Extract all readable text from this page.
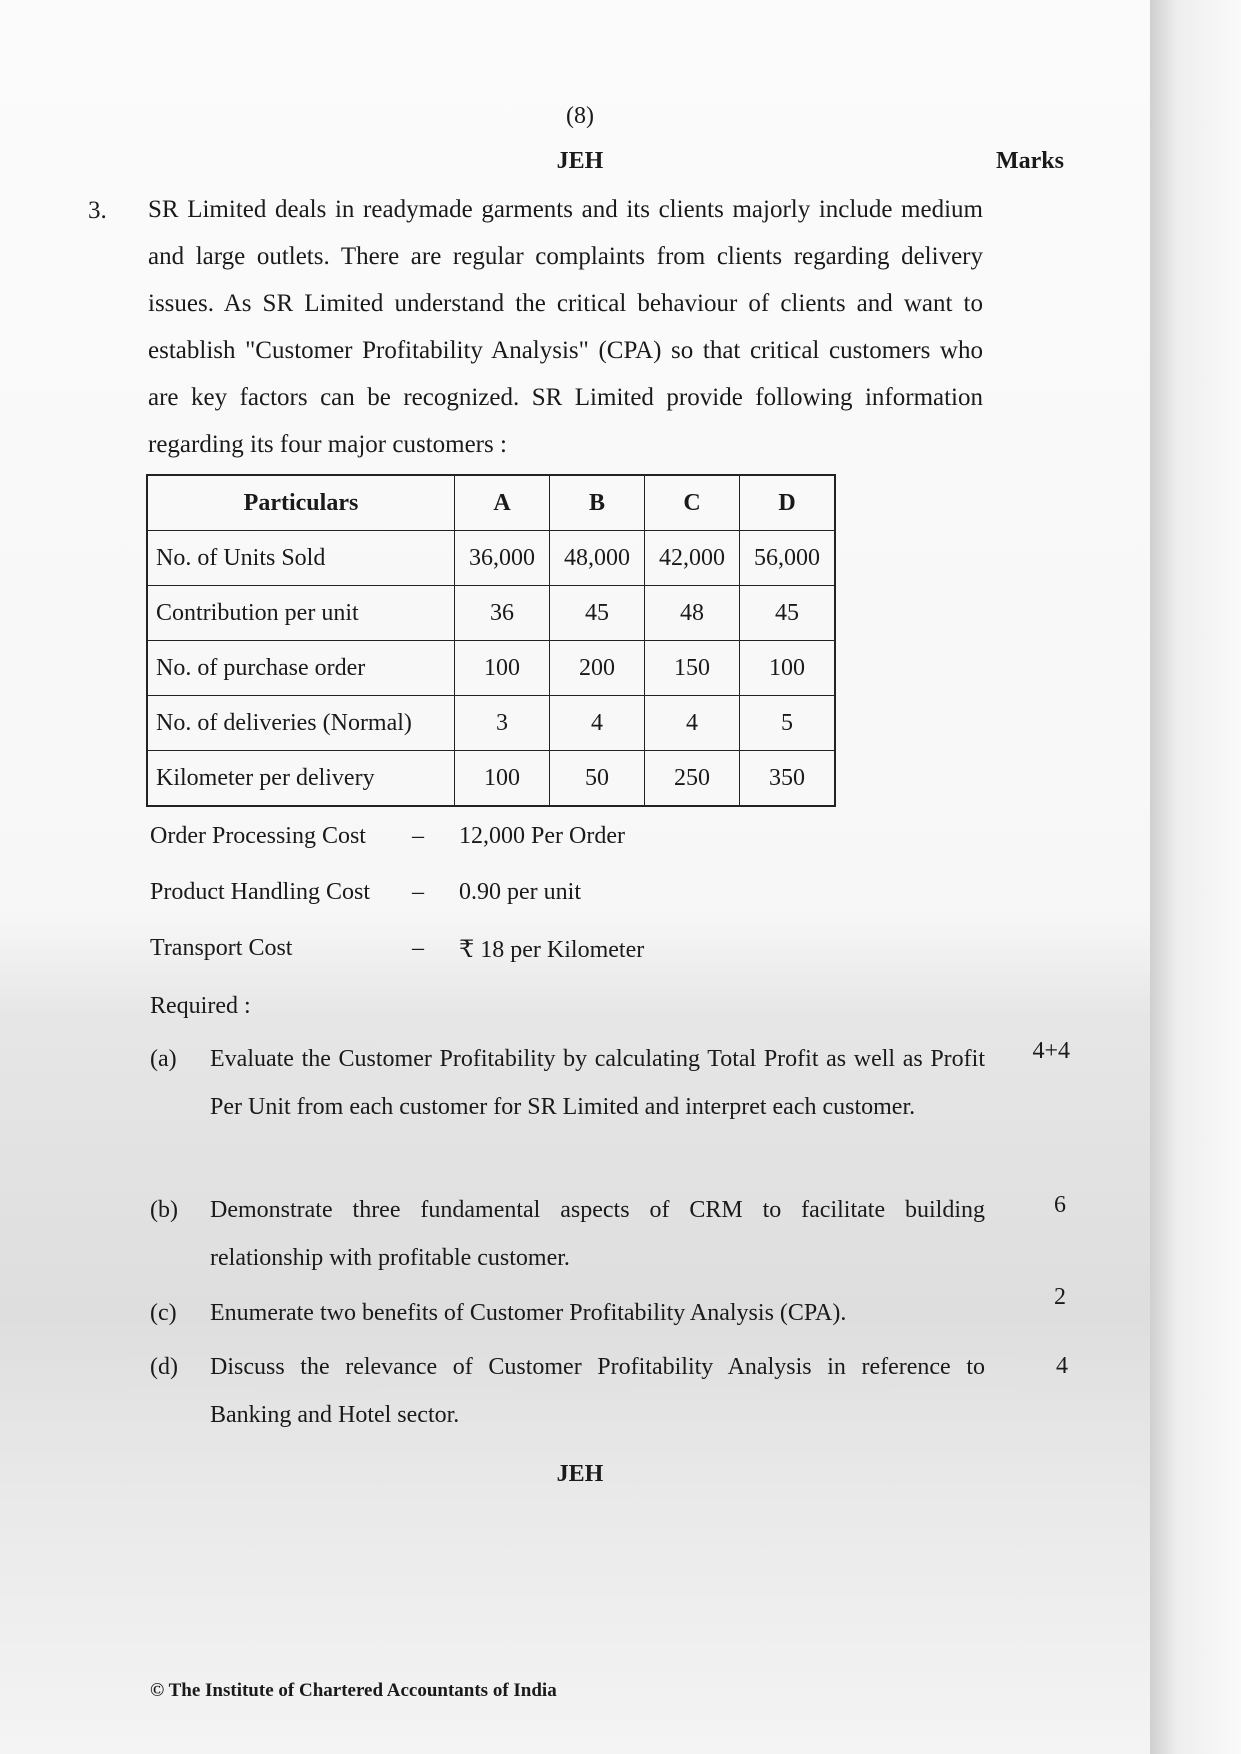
(8)
JEH	Marks
3. SR Limited deals in readymade garments and its clients majorly include medium and large outlets. There are regular complaints from clients regarding delivery issues. As SR Limited understand the critical behaviour of clients and want to establish "Customer Profitability Analysis" (CPA) so that critical customers who are key factors can be recognized. SR Limited provide following information regarding its four major customers :
Particulars	A	B	C	D
No. of Units Sold	36,000	48,000	42,000	56,000
Contribution per unit	36	45	48	45
No. of purchase order	100	200	150	100
No. of deliveries (Normal)	3	4	4	5
Kilometer per delivery	100	50	250	350
Order Processing Cost – 12,000 Per Order
Product Handling Cost – 0.90 per unit
Transport Cost	– ₹ 18 per Kilometer
Required :
(a) Evaluate the Customer Profitability by calculating Total Profit as well as Profit Per Unit from each customer for SR Limited and interpret each customer.
4+4
(b) Demonstrate three fundamental aspects of CRM to facilitate building relationship with profitable customer.
6
(c) Enumerate two benefits of Customer Profitability Analysis (CPA).
2
(d) Discuss the relevance of Customer Profitability Analysis in reference to Banking and Hotel sector.
4
JEH
© The Institute of Chartered Accountants of India
